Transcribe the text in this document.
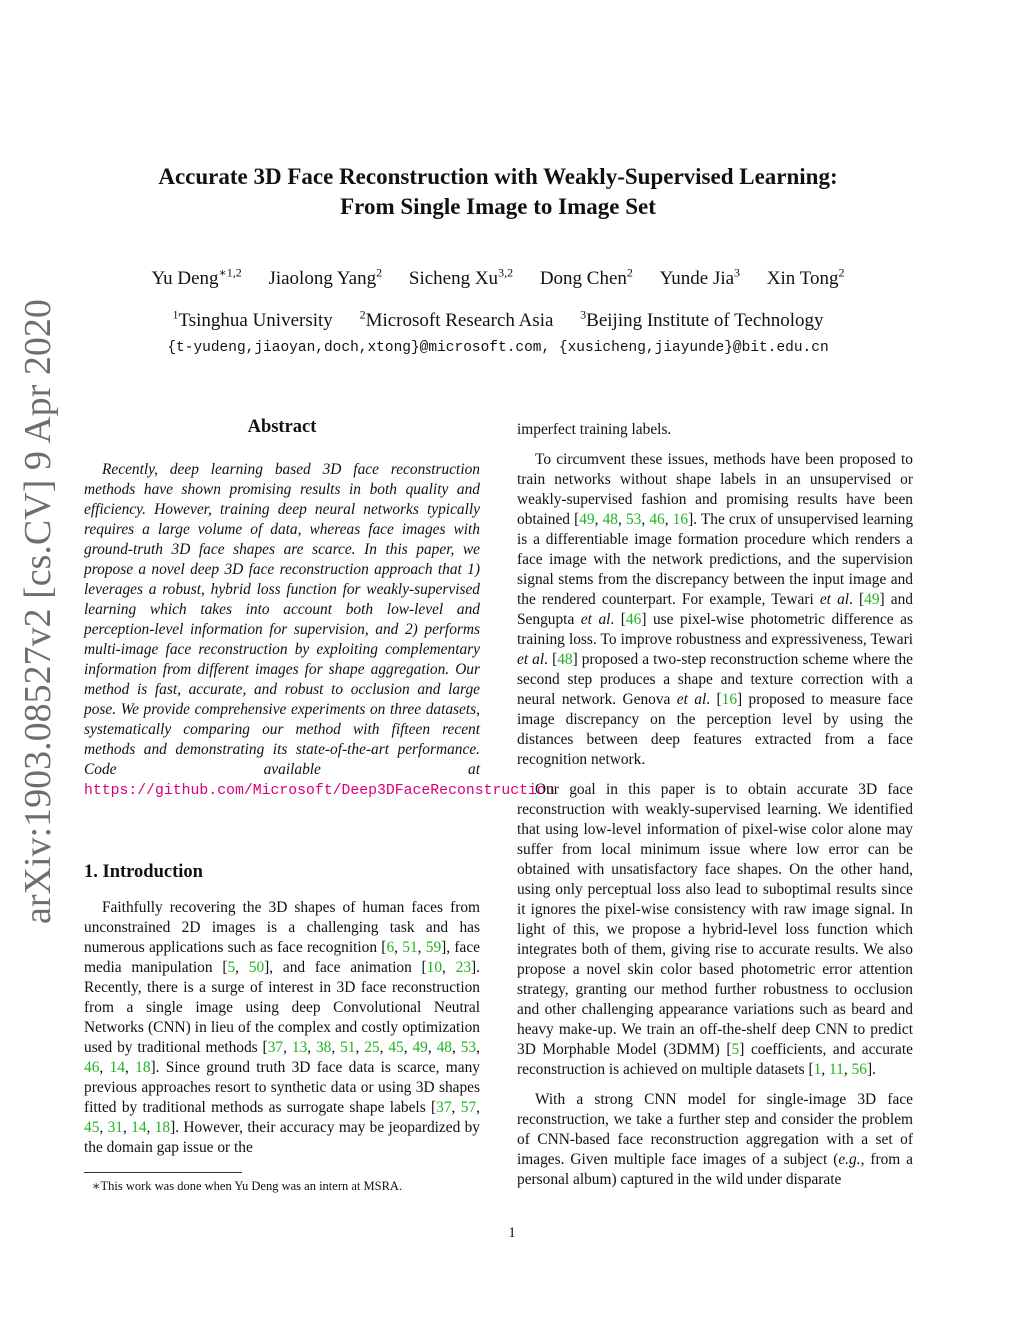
arXiv:1903.08527v2 [cs.CV] 9 Apr 2020
Accurate 3D Face Reconstruction with Weakly-Supervised Learning:
From Single Image to Image Set
Yu Deng$^{∗1,2}$ Jiaolong Yang$^2$ Sicheng Xu$^{3,2}$ Dong Chen$^2$ Yunde Jia$^3$ Xin Tong$^2$
$^1$Tsinghua University $^2$Microsoft Research Asia $^3$Beijing Institute of Technology
{t-yudeng,jiaoyan,doch,xtong}@microsoft.com, {xusicheng,jiayunde}@bit.edu.cn
Abstract

Recently, deep learning based 3D face reconstruction methods have shown promising results in both quality and efficiency. However, training deep neural networks typically requires a large volume of data, whereas face images with ground-truth 3D face shapes are scarce. In this paper, we propose a novel deep 3D face reconstruction approach that 1) leverages a robust, hybrid loss function for weakly-supervised learning which takes into account both low-level and perception-level information for supervision, and 2) performs multi-image face reconstruction by exploiting complementary information from different images for shape aggregation. Our method is fast, accurate, and robust to occlusion and large pose. We provide comprehensive experiments on three datasets, systematically comparing our method with fifteen recent methods and demonstrating its state-of-the-art performance. Code available at https://github.com/Microsoft/Deep3DFaceReconstruction

1. Introduction

Faithfully recovering the 3D shapes of human faces from unconstrained 2D images is a challenging task and has numerous applications such as face recognition [6, 51, 59], face media manipulation [5, 50], and face animation [10, 23]. Recently, there is a surge of interest in 3D face reconstruction from a single image using deep Convolutional Neutral Networks (CNN) in lieu of the complex and costly optimization used by traditional methods [37, 13, 38, 51, 25, 45, 49, 48, 53, 46, 14, 18]. Since ground truth 3D face data is scarce, many previous approaches resort to synthetic data or using 3D shapes fitted by traditional methods as surrogate shape labels [37, 57, 45, 31, 14, 18]. However, their accuracy may be jeopardized by the domain gap issue or the

∗This work was done when Yu Deng was an intern at MSRA.

imperfect training labels.

To circumvent these issues, methods have been proposed to train networks without shape labels in an unsupervised or weakly-supervised fashion and promising results have been obtained [49, 48, 53, 46, 16]. The crux of unsupervised learning is a differentiable image formation procedure which renders a face image with the network predictions, and the supervision signal stems from the discrepancy between the input image and the rendered counterpart. For example, Tewari et al. [49] and Sengupta et al. [46] use pixel-wise photometric difference as training loss. To improve robustness and expressiveness, Tewari et al. [48] proposed a two-step reconstruction scheme where the second step produces a shape and texture correction with a neural network. Genova et al. [16] proposed to measure face image discrepancy on the perception level by using the distances between deep features extracted from a face recognition network.

Our goal in this paper is to obtain accurate 3D face reconstruction with weakly-supervised learning. We identified that using low-level information of pixel-wise color alone may suffer from local minimum issue where low error can be obtained with unsatisfactory face shapes. On the other hand, using only perceptual loss also lead to suboptimal results since it ignores the pixel-wise consistency with raw image signal. In light of this, we propose a hybrid-level loss function which integrates both of them, giving rise to accurate results. We also propose a novel skin color based photometric error attention strategy, granting our method further robustness to occlusion and other challenging appearance variations such as beard and heavy make-up. We train an off-the-shelf deep CNN to predict 3D Morphable Model (3DMM) [5] coefficients, and accurate reconstruction is achieved on multiple datasets [1, 11, 56].

With a strong CNN model for single-image 3D face reconstruction, we take a further step and consider the problem of CNN-based face reconstruction aggregation with a set of images. Given multiple face images of a subject (e.g., from a personal album) captured in the wild under disparate

1
